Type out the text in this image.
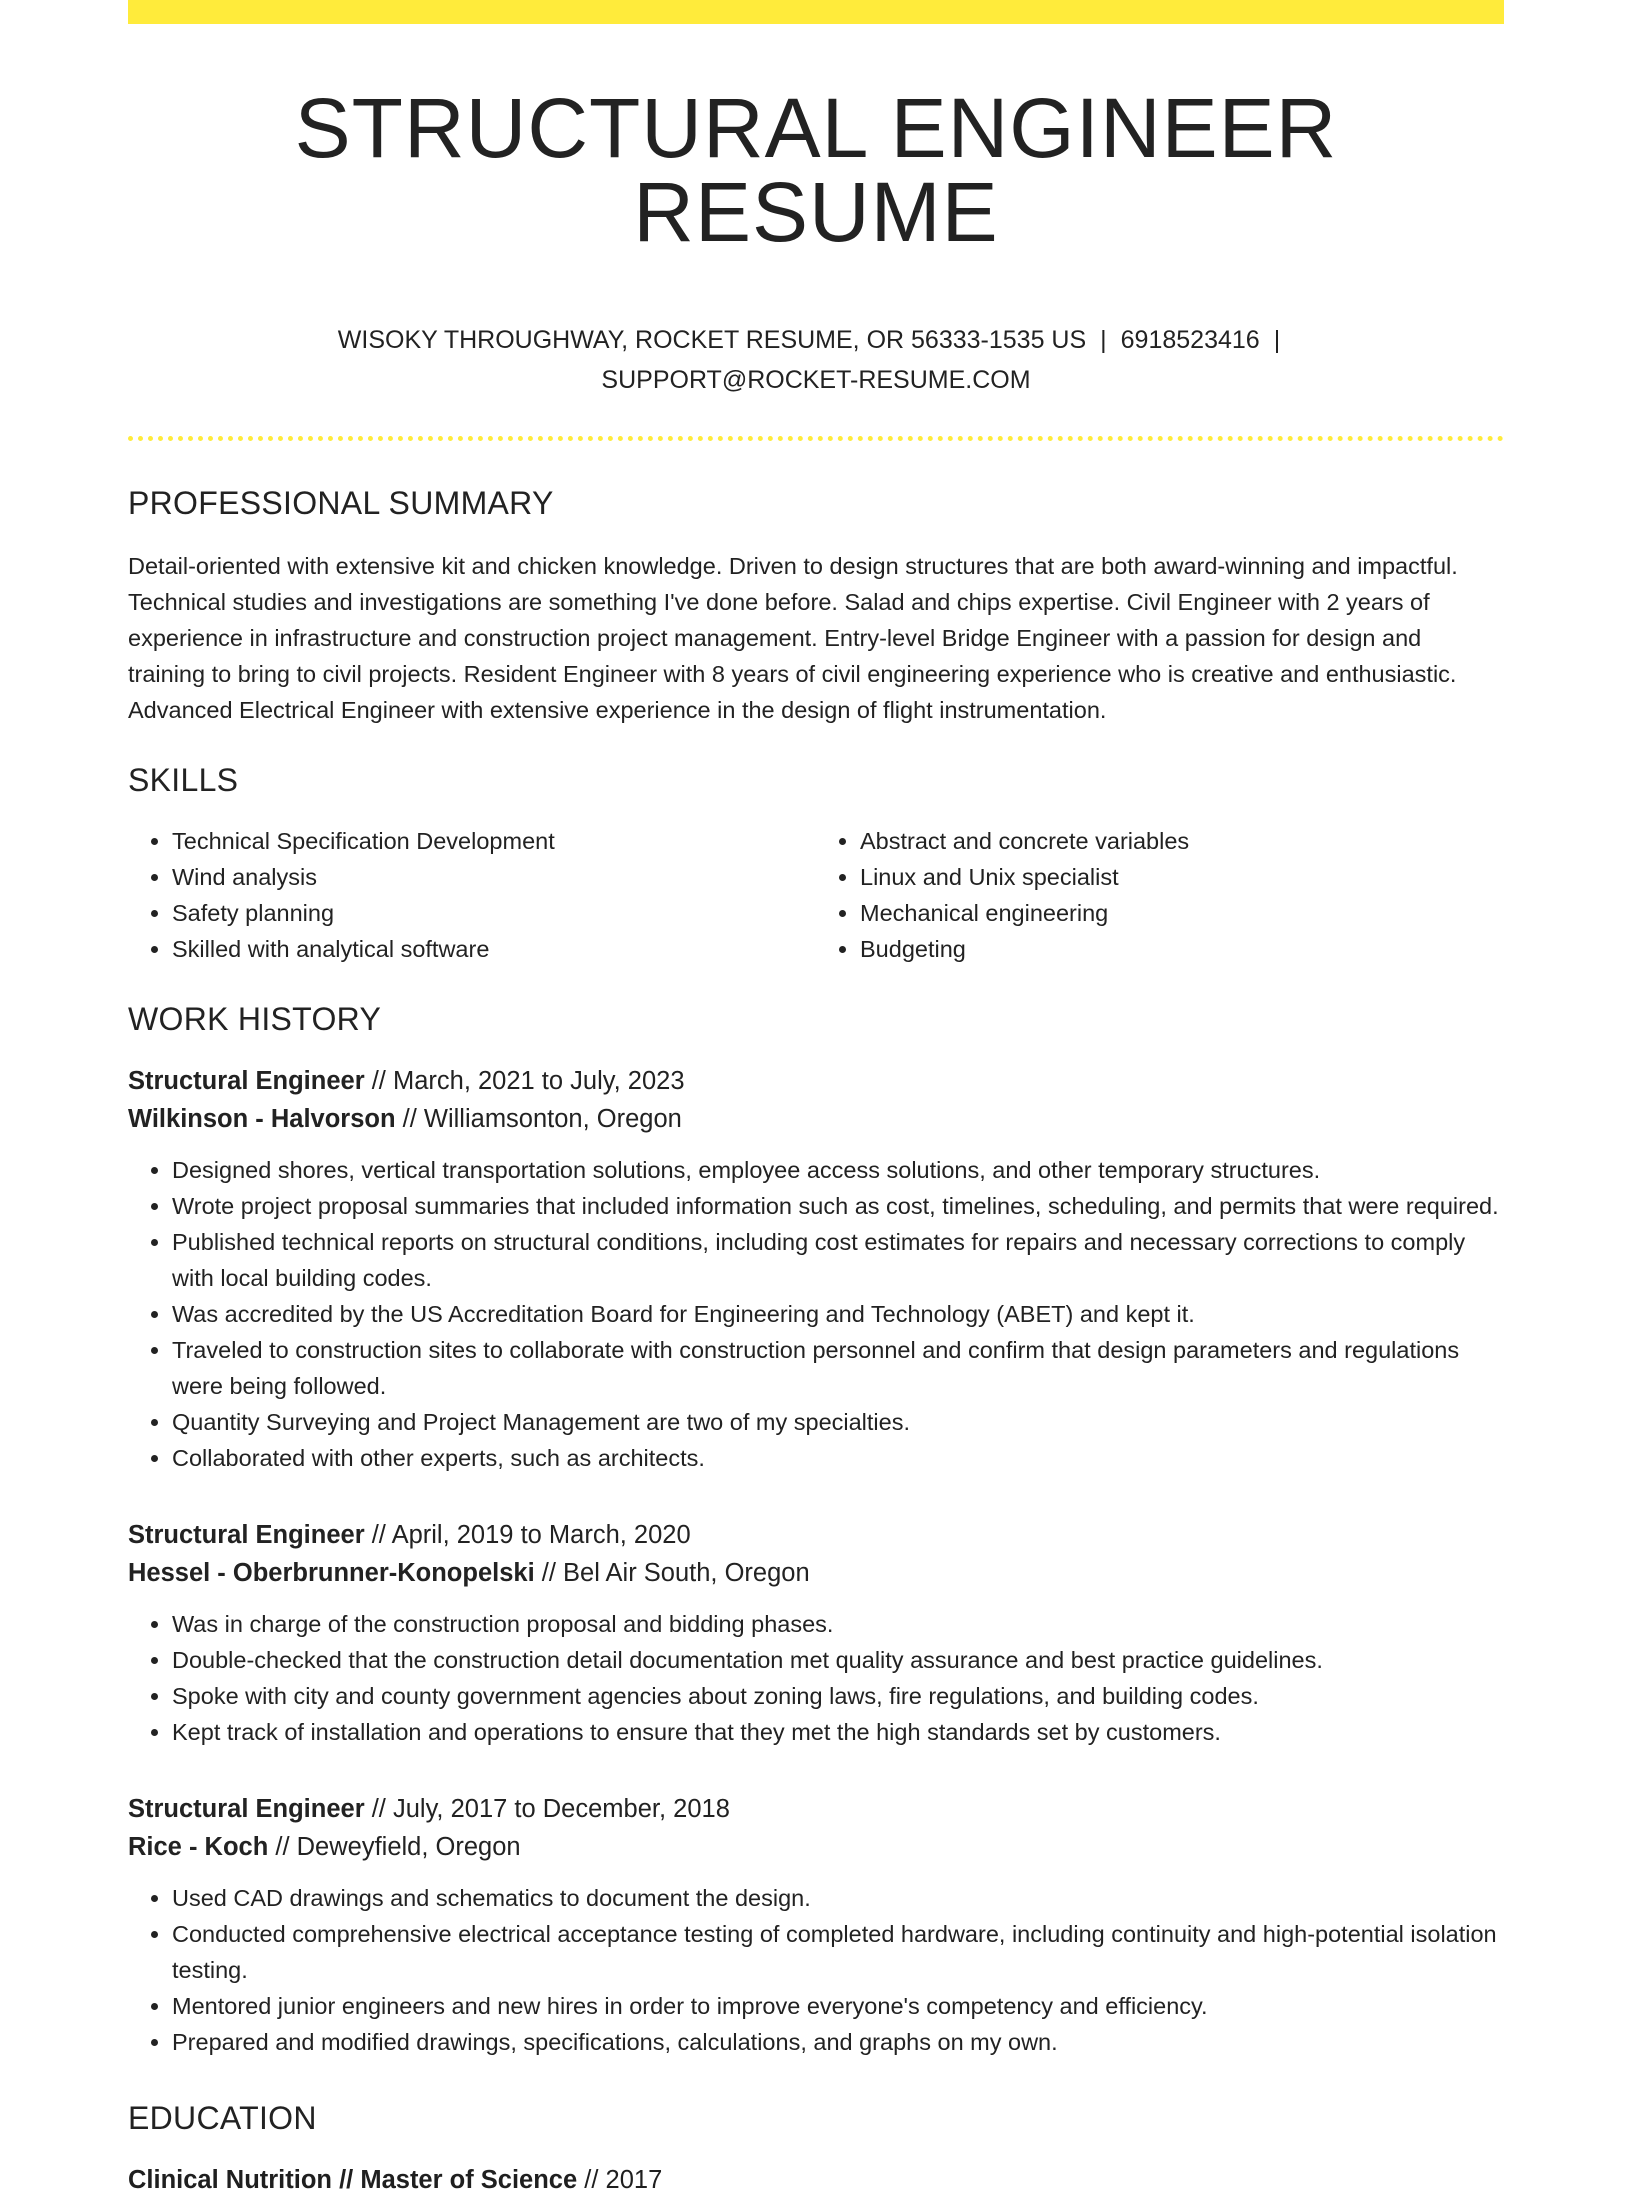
STRUCTURAL ENGINEER RESUME
WISOKY THROUGHWAY, ROCKET RESUME, OR 56333-1535 US | 6918523416 |
SUPPORT@ROCKET-RESUME.COM
PROFESSIONAL SUMMARY

Detail-oriented with extensive kit and chicken knowledge. Driven to design structures that are both award-winning and impactful. Technical studies and investigations are something I've done before. Salad and chips expertise. Civil Engineer with 2 years of experience in infrastructure and construction project management. Entry-level Bridge Engineer with a passion for design and training to bring to civil projects. Resident Engineer with 8 years of civil engineering experience who is creative and enthusiastic. Advanced Electrical Engineer with extensive experience in the design of flight instrumentation.

SKILLS
• Technical Specification Development
• Wind analysis
• Safety planning
• Skilled with analytical software
• Abstract and concrete variables
• Linux and Unix specialist
• Mechanical engineering
• Budgeting
WORK HISTORY
Structural Engineer // March, 2021 to July, 2023
Wilkinson - Halvorson // Williamsonton, Oregon
• Designed shores, vertical transportation solutions, employee access solutions, and other temporary structures.
• Wrote project proposal summaries that included information such as cost, timelines, scheduling, and permits that were required.
• Published technical reports on structural conditions, including cost estimates for repairs and necessary corrections to comply with local building codes.
• Was accredited by the US Accreditation Board for Engineering and Technology (ABET) and kept it.
• Traveled to construction sites to collaborate with construction personnel and confirm that design parameters and regulations were being followed.
• Quantity Surveying and Project Management are two of my specialties.
• Collaborated with other experts, such as architects.
Structural Engineer // April, 2019 to March, 2020
Hessel - Oberbrunner-Konopelski // Bel Air South, Oregon
• Was in charge of the construction proposal and bidding phases.
• Double-checked that the construction detail documentation met quality assurance and best practice guidelines.
• Spoke with city and county government agencies about zoning laws, fire regulations, and building codes.
• Kept track of installation and operations to ensure that they met the high standards set by customers.
Structural Engineer // July, 2017 to December, 2018
Rice - Koch // Deweyfield, Oregon
• Used CAD drawings and schematics to document the design.
• Conducted comprehensive electrical acceptance testing of completed hardware, including continuity and high-potential isolation testing.
• Mentored junior engineers and new hires in order to improve everyone's competency and efficiency.
• Prepared and modified drawings, specifications, calculations, and graphs on my own.
EDUCATION
Clinical Nutrition // Master of Science // 2017
